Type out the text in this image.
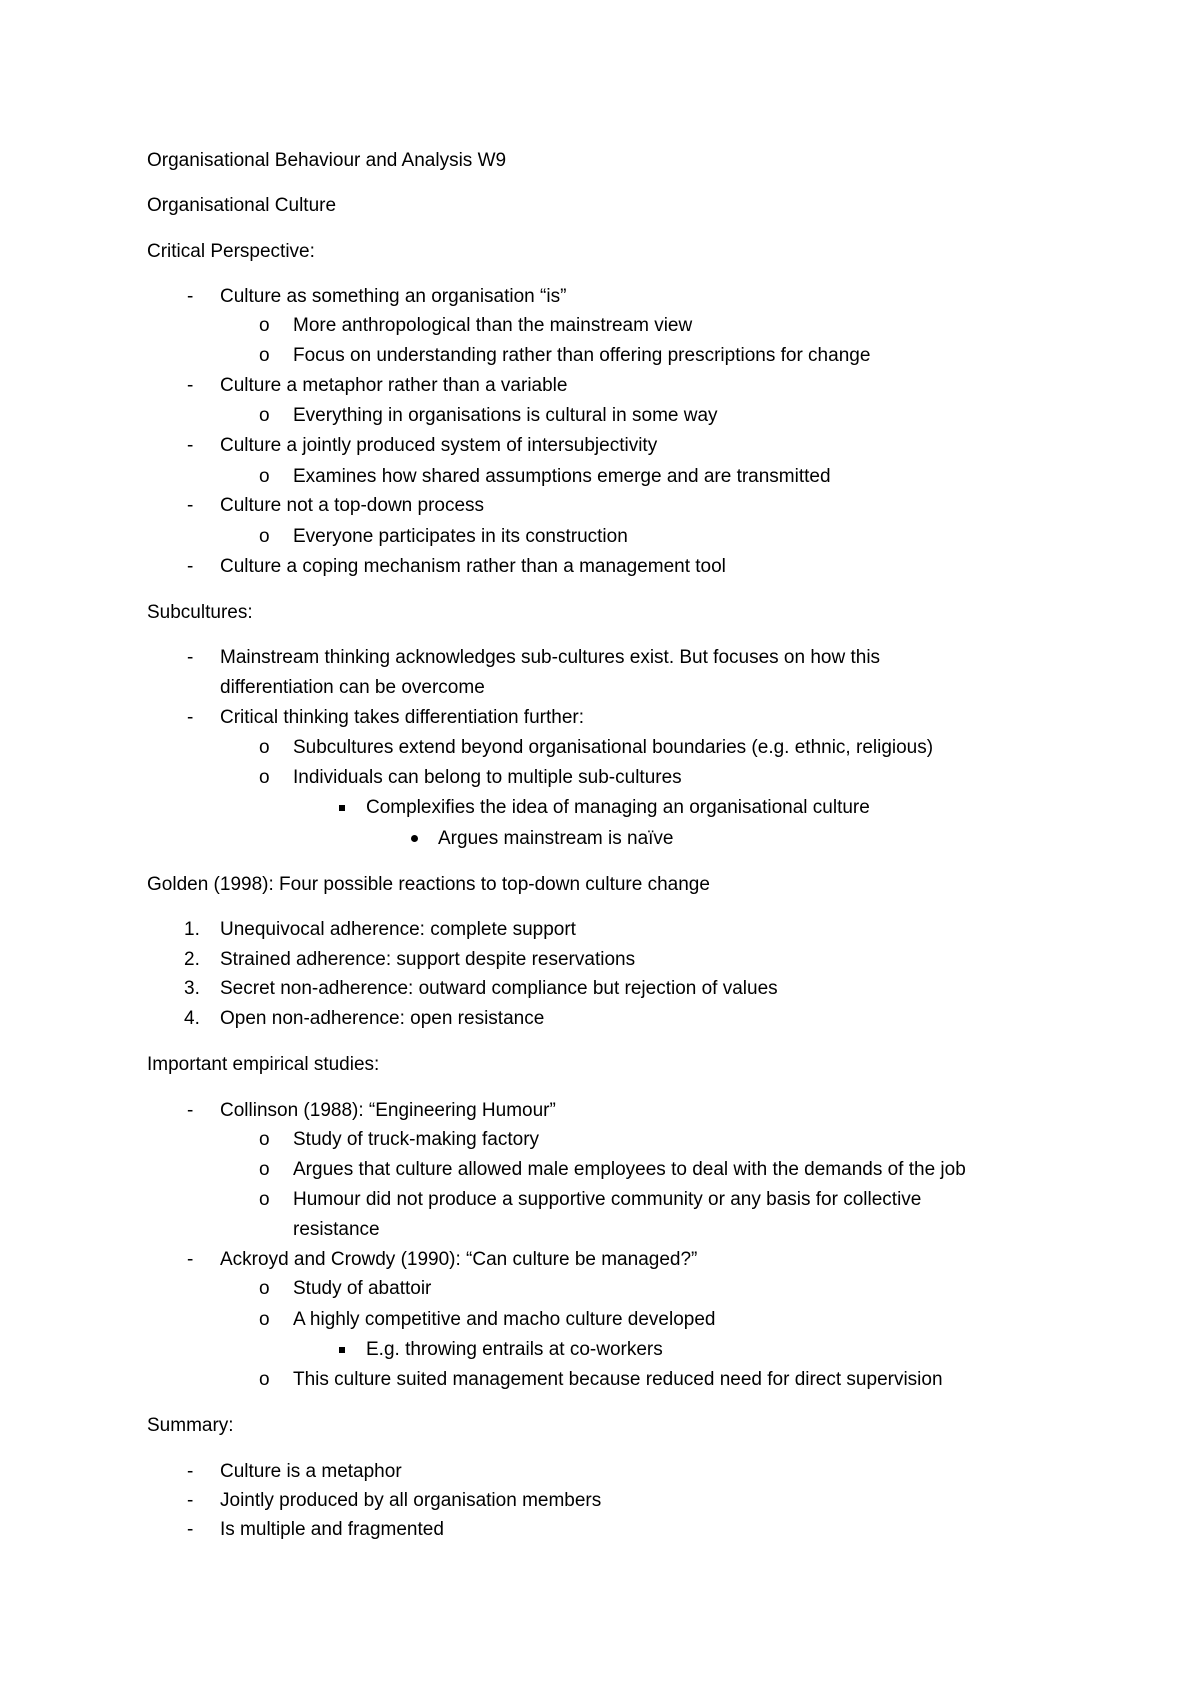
Organisational Behaviour and Analysis W9
Organisational Culture
Critical Perspective:
- Culture as something an organisation “is”
o More anthropological than the mainstream view
o Focus on understanding rather than offering prescriptions for change
- Culture a metaphor rather than a variable
o Everything in organisations is cultural in some way
- Culture a jointly produced system of intersubjectivity
o Examines how shared assumptions emerge and are transmitted
- Culture not a top-down process
o Everyone participates in its construction
- Culture a coping mechanism rather than a management tool
Subcultures:
- Mainstream thinking acknowledges sub-cultures exist. But focuses on how this
differentiation can be overcome
- Critical thinking takes differentiation further:
o Subcultures extend beyond organisational boundaries (e.g. ethnic, religious)
o Individuals can belong to multiple sub-cultures
Complexifies the idea of managing an organisational culture
Argues mainstream is naïve
Golden (1998): Four possible reactions to top-down culture change
1. Unequivocal adherence: complete support
2. Strained adherence: support despite reservations
3. Secret non-adherence: outward compliance but rejection of values
4. Open non-adherence: open resistance
Important empirical studies:
- Collinson (1988): “Engineering Humour”
o Study of truck-making factory
o Argues that culture allowed male employees to deal with the demands of the job
o Humour did not produce a supportive community or any basis for collective
resistance
- Ackroyd and Crowdy (1990): “Can culture be managed?”
o Study of abattoir
o A highly competitive and macho culture developed
E.g. throwing entrails at co-workers
o This culture suited management because reduced need for direct supervision
Summary:
- Culture is a metaphor
- Jointly produced by all organisation members
- Is multiple and fragmented
